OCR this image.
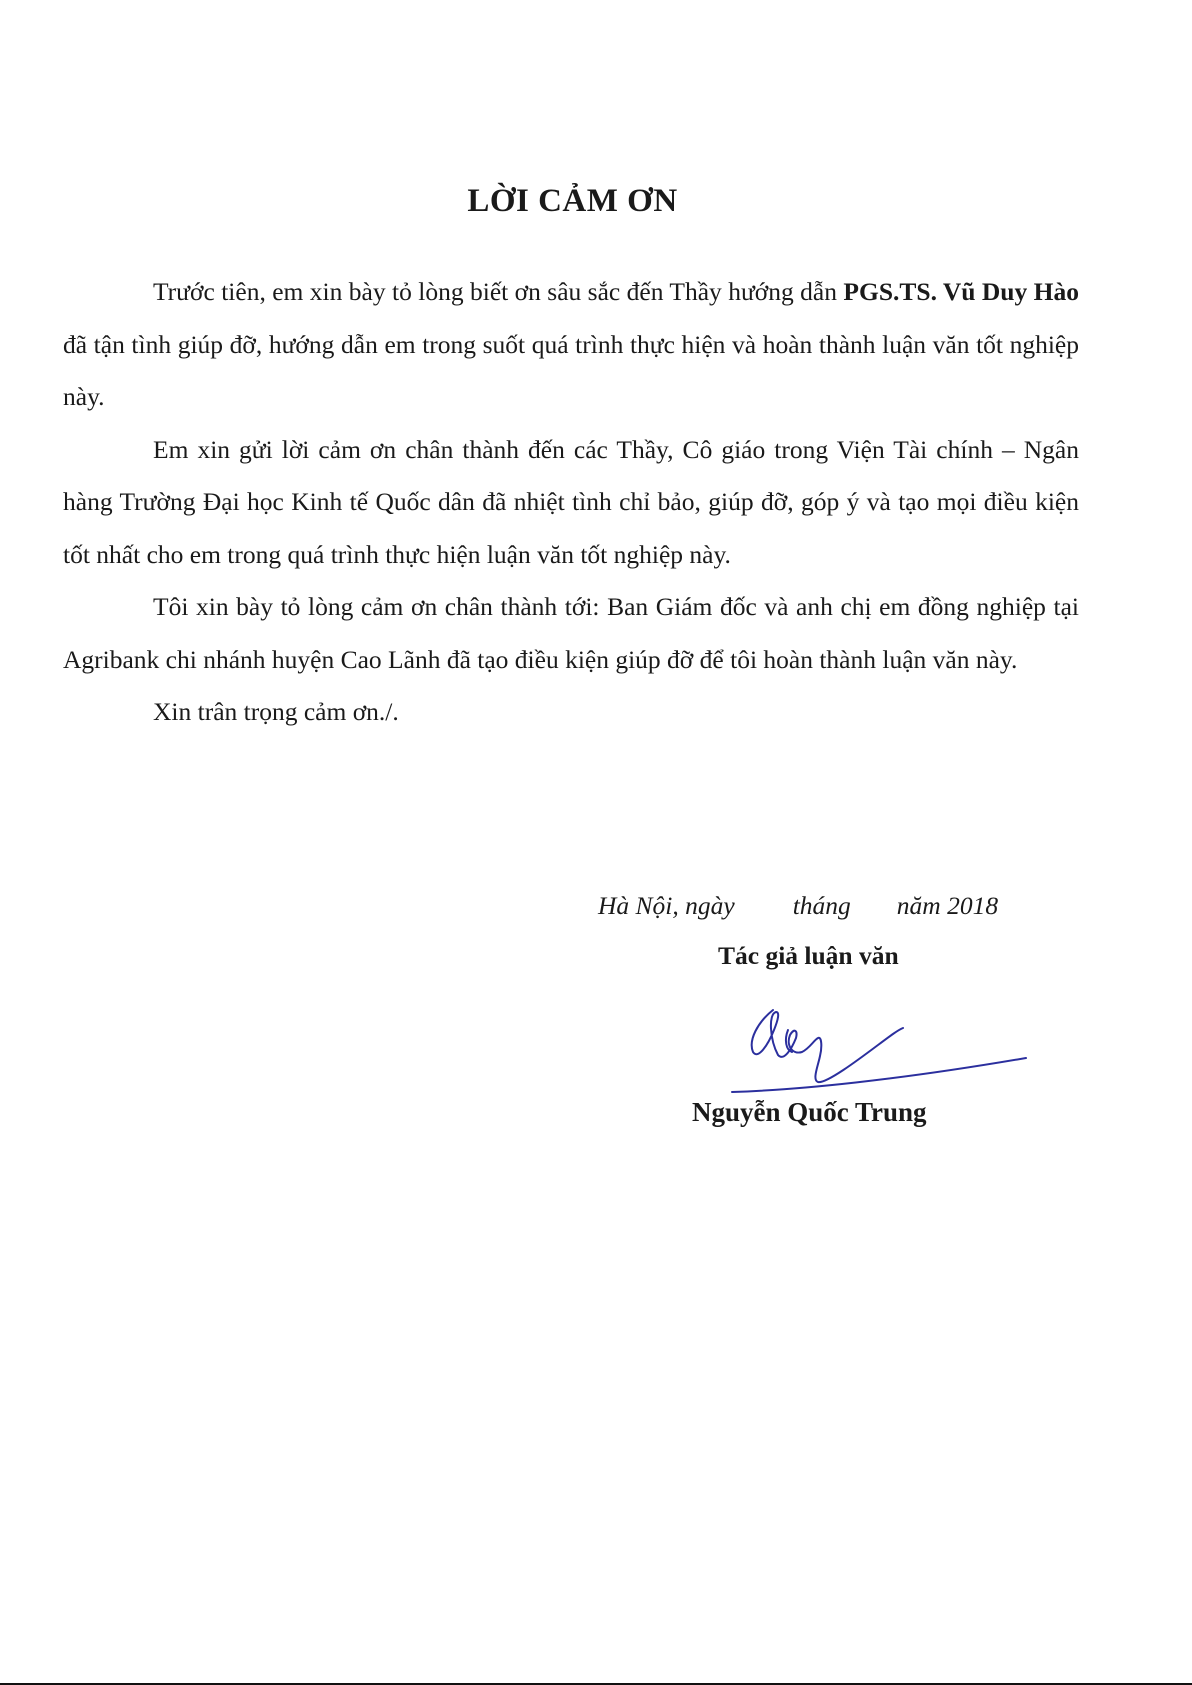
LỜI CẢM ƠN

Trước tiên, em xin bày tỏ lòng biết ơn sâu sắc đến Thầy hướng dẫn PGS.TS. Vũ Duy Hào đã tận tình giúp đỡ, hướng dẫn em trong suốt quá trình thực hiện và hoàn thành luận văn tốt nghiệp này.

Em xin gửi lời cảm ơn chân thành đến các Thầy, Cô giáo trong Viện Tài chính – Ngân hàng Trường Đại học Kinh tế Quốc dân đã nhiệt tình chỉ bảo, giúp đỡ, góp ý và tạo mọi điều kiện tốt nhất cho em trong quá trình thực hiện luận văn tốt nghiệp này.

Tôi xin bày tỏ lòng cảm ơn chân thành tới: Ban Giám đốc và anh chị em đồng nghiệp tại Agribank chi nhánh huyện Cao Lãnh đã tạo điều kiện giúp đỡ để tôi hoàn thành luận văn này.

Xin trân trọng cảm ơn./.

Hà Nội, ngày tháng năm 2018
Tác giả luận văn
Nguyễn Quốc Trung
